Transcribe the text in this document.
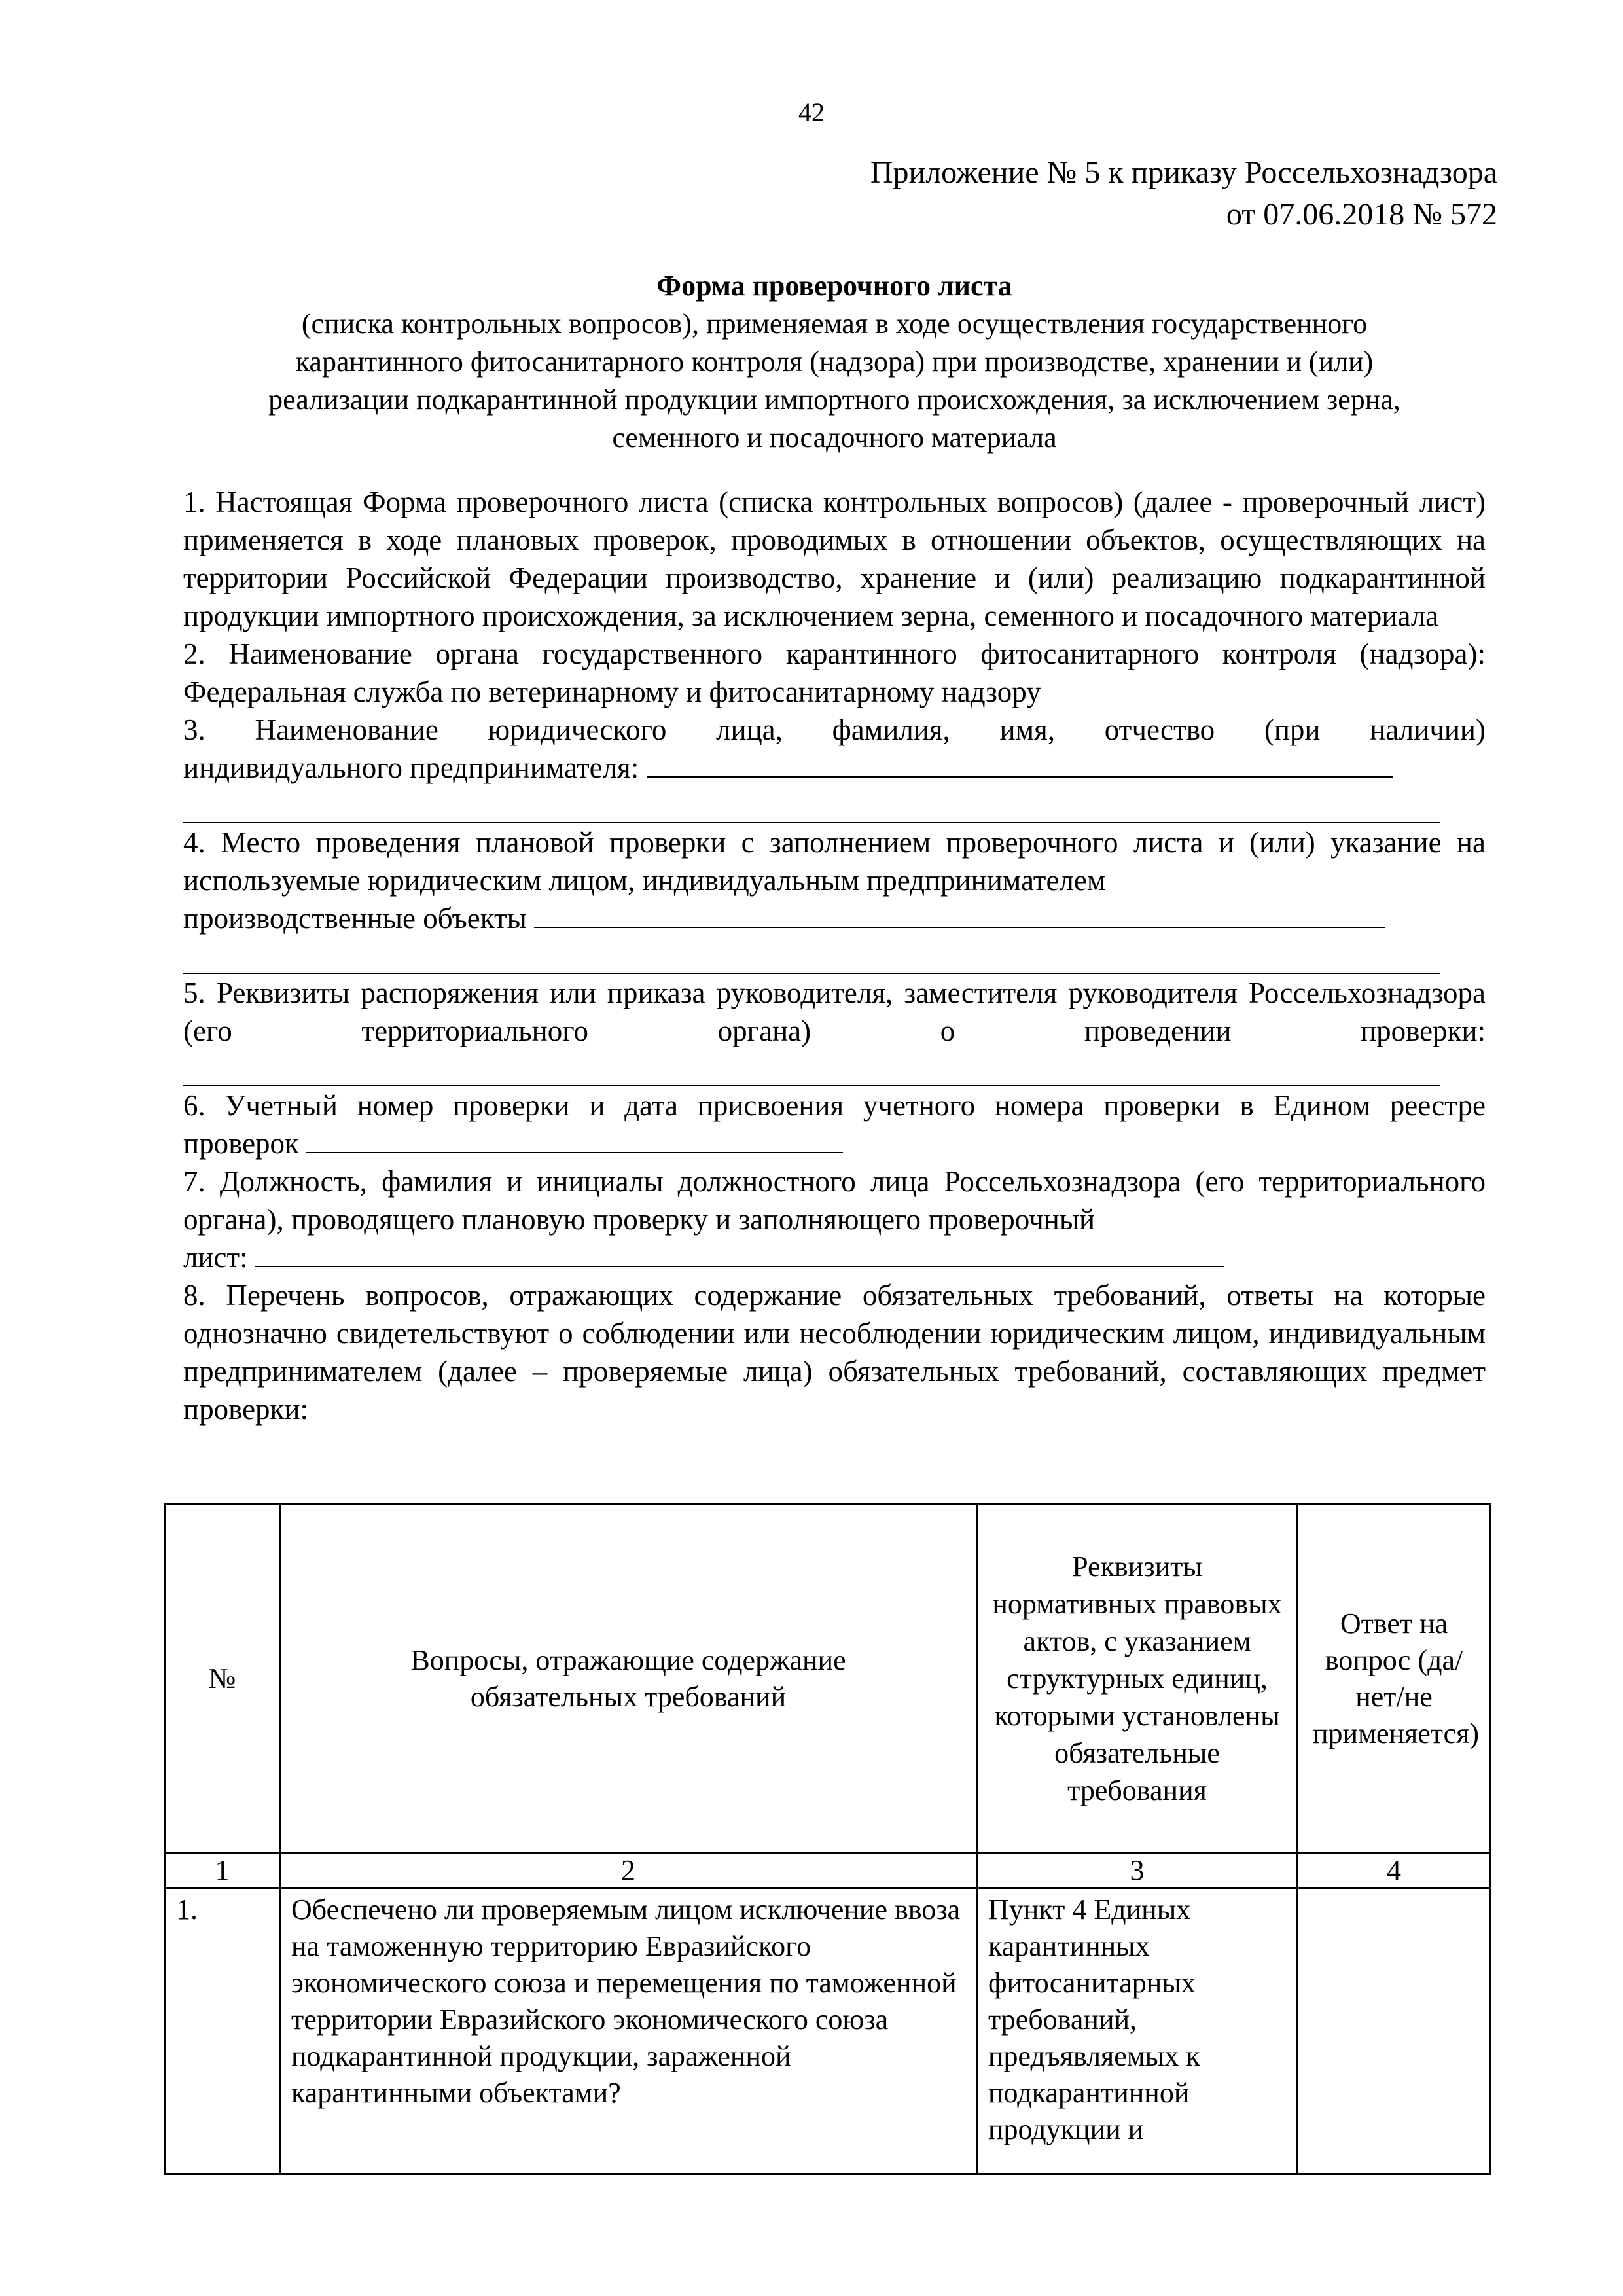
42
Приложение № 5 к приказу Россельхознадзора
от 07.06.2018 № 572
Форма проверочного листа
(списка контрольных вопросов), применяемая в ходе осуществления государственного
карантинного фитосанитарного контроля (надзора) при производстве, хранении и (или)
реализации подкарантинной продукции импортного происхождения, за исключением зерна,
семенного и посадочного материала

1. Настоящая Форма проверочного листа (списка контрольных вопросов) (далее - проверочный лист) применяется в ходе плановых проверок, проводимых в отношении объектов, осуществляющих на территории Российской Федерации производство, хранение и (или) реализацию подкарантинной продукции импортного происхождения, за исключением зерна, семенного и посадочного материала

2. Наименование органа государственного карантинного фитосанитарного контроля (надзора): Федеральная служба по ветеринарному и фитосанитарному надзору

3. Наименование юридического лица, фамилия, имя, отчество (при наличии)

индивидуального предпринимателя:

4. Место проведения плановой проверки с заполнением проверочного листа и (или) указание на используемые юридическим лицом, индивидуальным предпринимателем

производственные объекты

5. Реквизиты распоряжения или приказа руководителя, заместителя руководителя Россельхознадзора (его территориального органа) о проведении проверки:

6. Учетный номер проверки и дата присвоения учетного номера проверки в Едином реестре

проверок

7. Должность, фамилия и инициалы должностного лица Россельхознадзора (его территориального органа), проводящего плановую проверку и заполняющего проверочный

лист:

8. Перечень вопросов, отражающих содержание обязательных требований, ответы на которые однозначно свидетельствуют о соблюдении или несоблюдении юридическим лицом, индивидуальным предпринимателем (далее – проверяемые лица) обязательных требований, составляющих предмет проверки:

№	Вопросы, отражающие содержание обязательных требований	Реквизиты нормативных правовых актов, с указанием структурных единиц, которыми установлены обязательные требования	Ответ на вопрос (да/нет/не применяется)
1	2	3	4
1.	Обеспечено ли проверяемым лицом исключение ввоза на таможенную территорию Евразийского экономического союза и перемещения по таможенной территории Евразийского экономического союза подкарантинной продукции, зараженной карантинными объектами?	Пункт 4 Единых карантинных фитосанитарных требований, предъявляемых к подкарантинной продукции и	
